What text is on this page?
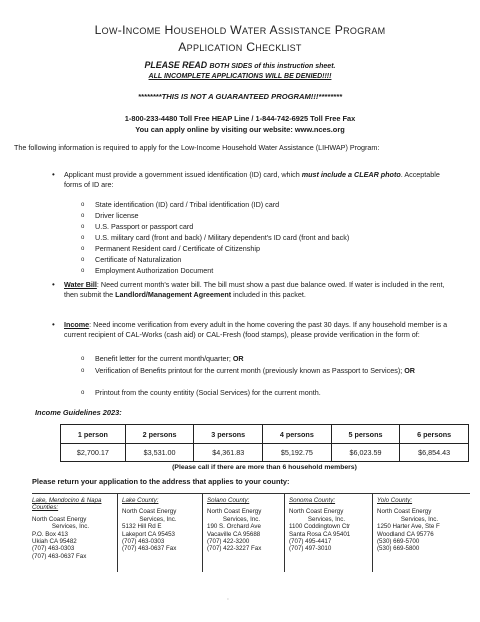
Low-Income Household Water Assistance Program
Application Checklist
PLEASE READ BOTH SIDES of this instruction sheet.
ALL INCOMPLETE APPLICATIONS WILL BE DENIED!!!!
********THIS IS NOT A GUARANTEED PROGRAM!!!********
1-800-233-4480 Toll Free HEAP Line / 1-844-742-6925 Toll Free Fax
You can apply online by visiting our website: www.nces.org
The following information is required to apply for the Low-Income Household Water Assistance (LIHWAP) Program:
• Applicant must provide a government issued identification (ID) card, which must include a CLEAR photo. Acceptable forms of ID are:
o State identification (ID) card / Tribal identification (ID) card
o Driver license
o U.S. Passport or passport card
o U.S. military card (front and back) / Military dependent's ID card (front and back)
o Permanent Resident card / Certificate of Citizenship
o Certificate of Naturalization
o Employment Authorization Document
• Water Bill: Need current month's water bill. The bill must show a past due balance owed. If water is included in the rent, then submit the Landlord/Management Agreement included in this packet.
• Income: Need income verification from every adult in the home covering the past 30 days. If any household member is a current recipient of CAL-Works (cash aid) or CAL-Fresh (food stamps), please provide verification in the form of:
o Benefit letter for the current month/quarter; OR
o Verification of Benefits printout for the current month (previously known as Passport to Services); OR
o Printout from the county entitity (Social Services) for the current month.
Income Guidelines 2023:
1 person	2 persons	3 persons	4 persons	5 persons	6 persons
$2,700.17	$3,531.00	$4,361.83	$5,192.75	$6,023.59	$6,854.43
(Please call if there are more than 6 household members)
Please return your application to the address that applies to your county:
Lake, Mendocino & Napa Counties:
North Coast Energy
Services, Inc.
P.O. Box 413
Ukiah CA 95482
(707) 463-0303
(707) 463-0637 Fax
Lake County:
North Coast Energy
Services, Inc.
5132 Hill Rd E
Lakeport CA 95453
(707) 463-0303
(707) 463-0637 Fax
Solano County:
North Coast Energy
Services, Inc.
190 S. Orchard Ave
Vacaville CA 95688
(707) 422-3200
(707) 422-3227 Fax
Sonoma County:
North Coast Energy
Services, Inc.
1100 Coddingtown Ctr
Santa Rosa CA 95401
(707) 495-4417
(707) 497-3010
Yolo County:
North Coast Energy
Services, Inc.
1250 Harter Ave, Ste F
Woodland CA 95776
(530) 669-5700
(530) 669-5800
⋅
